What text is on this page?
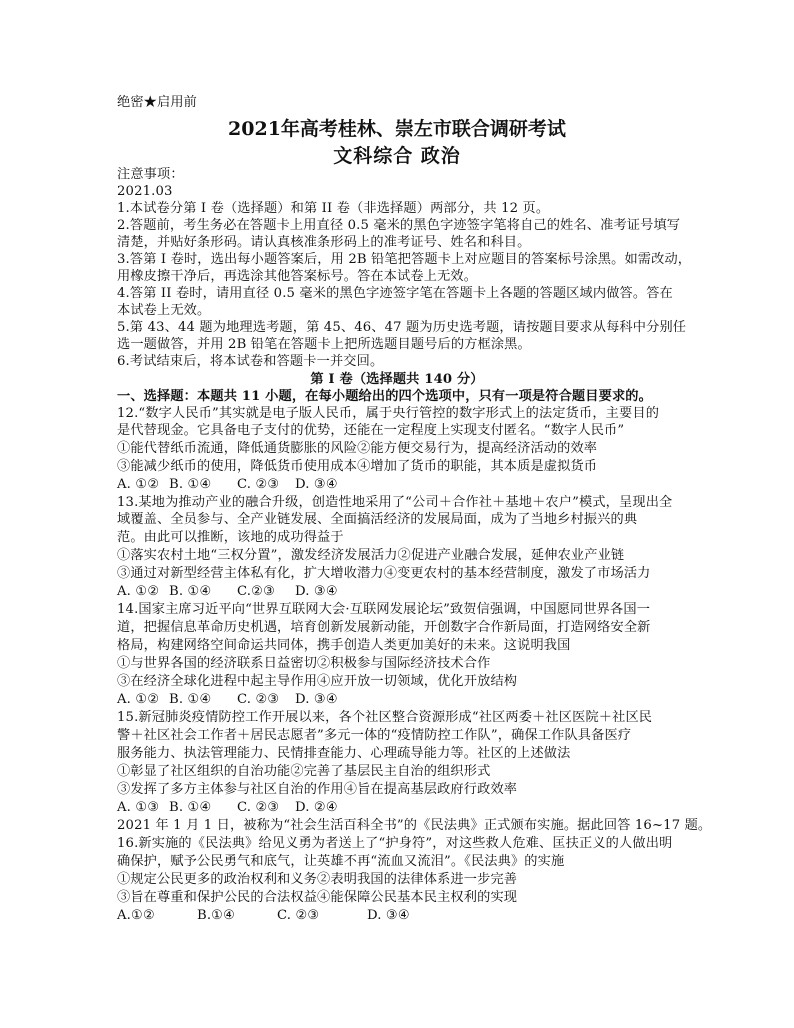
绝密★启用前
2021年高考桂林、崇左市联合调研考试
文科综合 政治
注意事项：
2021.03
1.本试卷分第 I 卷（选择题）和第 II 卷（非选择题）两部分，共 12 页。
2.答题前，考生务必在答题卡上用直径 0.5 毫米的黑色字迹签字笔将自己的姓名、准考证号填写
清楚，并贴好条形码。请认真核准条形码上的准考证号、姓名和科目。
3.答第 I 卷时，选出每小题答案后，用 2B 铅笔把答题卡上对应题目的答案标号涂黑。如需改动，
用橡皮擦干净后，再选涂其他答案标号。答在本试卷上无效。
4.答第 II 卷时，请用直径 0.5 毫米的黑色字迹签字笔在答题卡上各题的答题区域内做答。答在
本试卷上无效。
5.第 43、44 题为地理选考题，第 45、46、47 题为历史选考题，请按题目要求从每科中分别任
选一题做答，并用 2B 铅笔在答题卡上把所选题目题号后的方框涂黑。
6.考试结束后，将本试卷和答题卡一并交回。
第 I 卷（选择题共 140 分）
一、选择题：本题共 11 小题，在每小题给出的四个选项中，只有一项是符合题目要求的。
12.“数字人民币”其实就是电子版人民币，属于央行管控的数字形式上的法定货币，主要目的
是代替现金。它具备电子支付的优势，还能在一定程度上实现支付匿名。“数字人民币”
①能代替纸币流通，降低通货膨胀的风险②能方便交易行为，提高经济活动的效率
③能减少纸币的使用，降低货币使用成本④增加了货币的职能，其本质是虚拟货币
A. ①② B. ①④ C. ②③ D. ③④
13.某地为推动产业的融合升级，创造性地采用了“公司＋合作社＋基地＋农户”模式，呈现出全
域覆盖、全员参与、全产业链发展、全面搞活经济的发展局面，成为了当地乡村振兴的典
范。由此可以推断，该地的成功得益于
①落实农村土地“三权分置”，激发经济发展活力②促进产业融合发展，延伸农业产业链
③通过对新型经营主体私有化，扩大增收潜力④变更农村的基本经营制度，激发了市场活力
A. ①② B. ①④ C.②③ D. ③④
14.国家主席习近平向“世界互联网大会·互联网发展论坛”致贺信强调，中国愿同世界各国一
道，把握信息革命历史机遇，培育创新发展新动能，开创数字合作新局面，打造网络安全新
格局，构建网络空间命运共同体，携手创造人类更加美好的未来。这说明我国
①与世界各国的经济联系日益密切②积极参与国际经济技术合作
③在经济全球化进程中起主导作用④应开放一切领域，优化开放结构
A. ①② B. ①④ C. ②③ D. ③④
15.新冠肺炎疫情防控工作开展以来，各个社区整合资源形成“社区两委＋社区医院＋社区民
警＋社区社会工作者＋居民志愿者”多元一体的“疫情防控工作队”，确保工作队具备医疗
服务能力、执法管理能力、民情排查能力、心理疏导能力等。社区的上述做法
①彰显了社区组织的自治功能②完善了基层民主自治的组织形式
③发挥了多方主体参与社区自治的作用④旨在提高基层政府行政效率
A. ①③ B. ①④ C. ②③ D. ②④
2021 年 1 月 1 日，被称为“社会生活百科全书”的《民法典》正式颁布实施。据此回答 16~17 题。
16.新实施的《民法典》给见义勇为者送上了“护身符”，对这些救人危难、匡扶正义的人做出明
确保护，赋予公民勇气和底气，让英雄不再“流血又流泪”。《民法典》的实施
①规定公民更多的政治权利和义务②表明我国的法律体系进一步完善
③旨在尊重和保护公民的合法权益④能保障公民基本民主权利的实现
A.①②	B.①④	C. ②③	D. ③④
